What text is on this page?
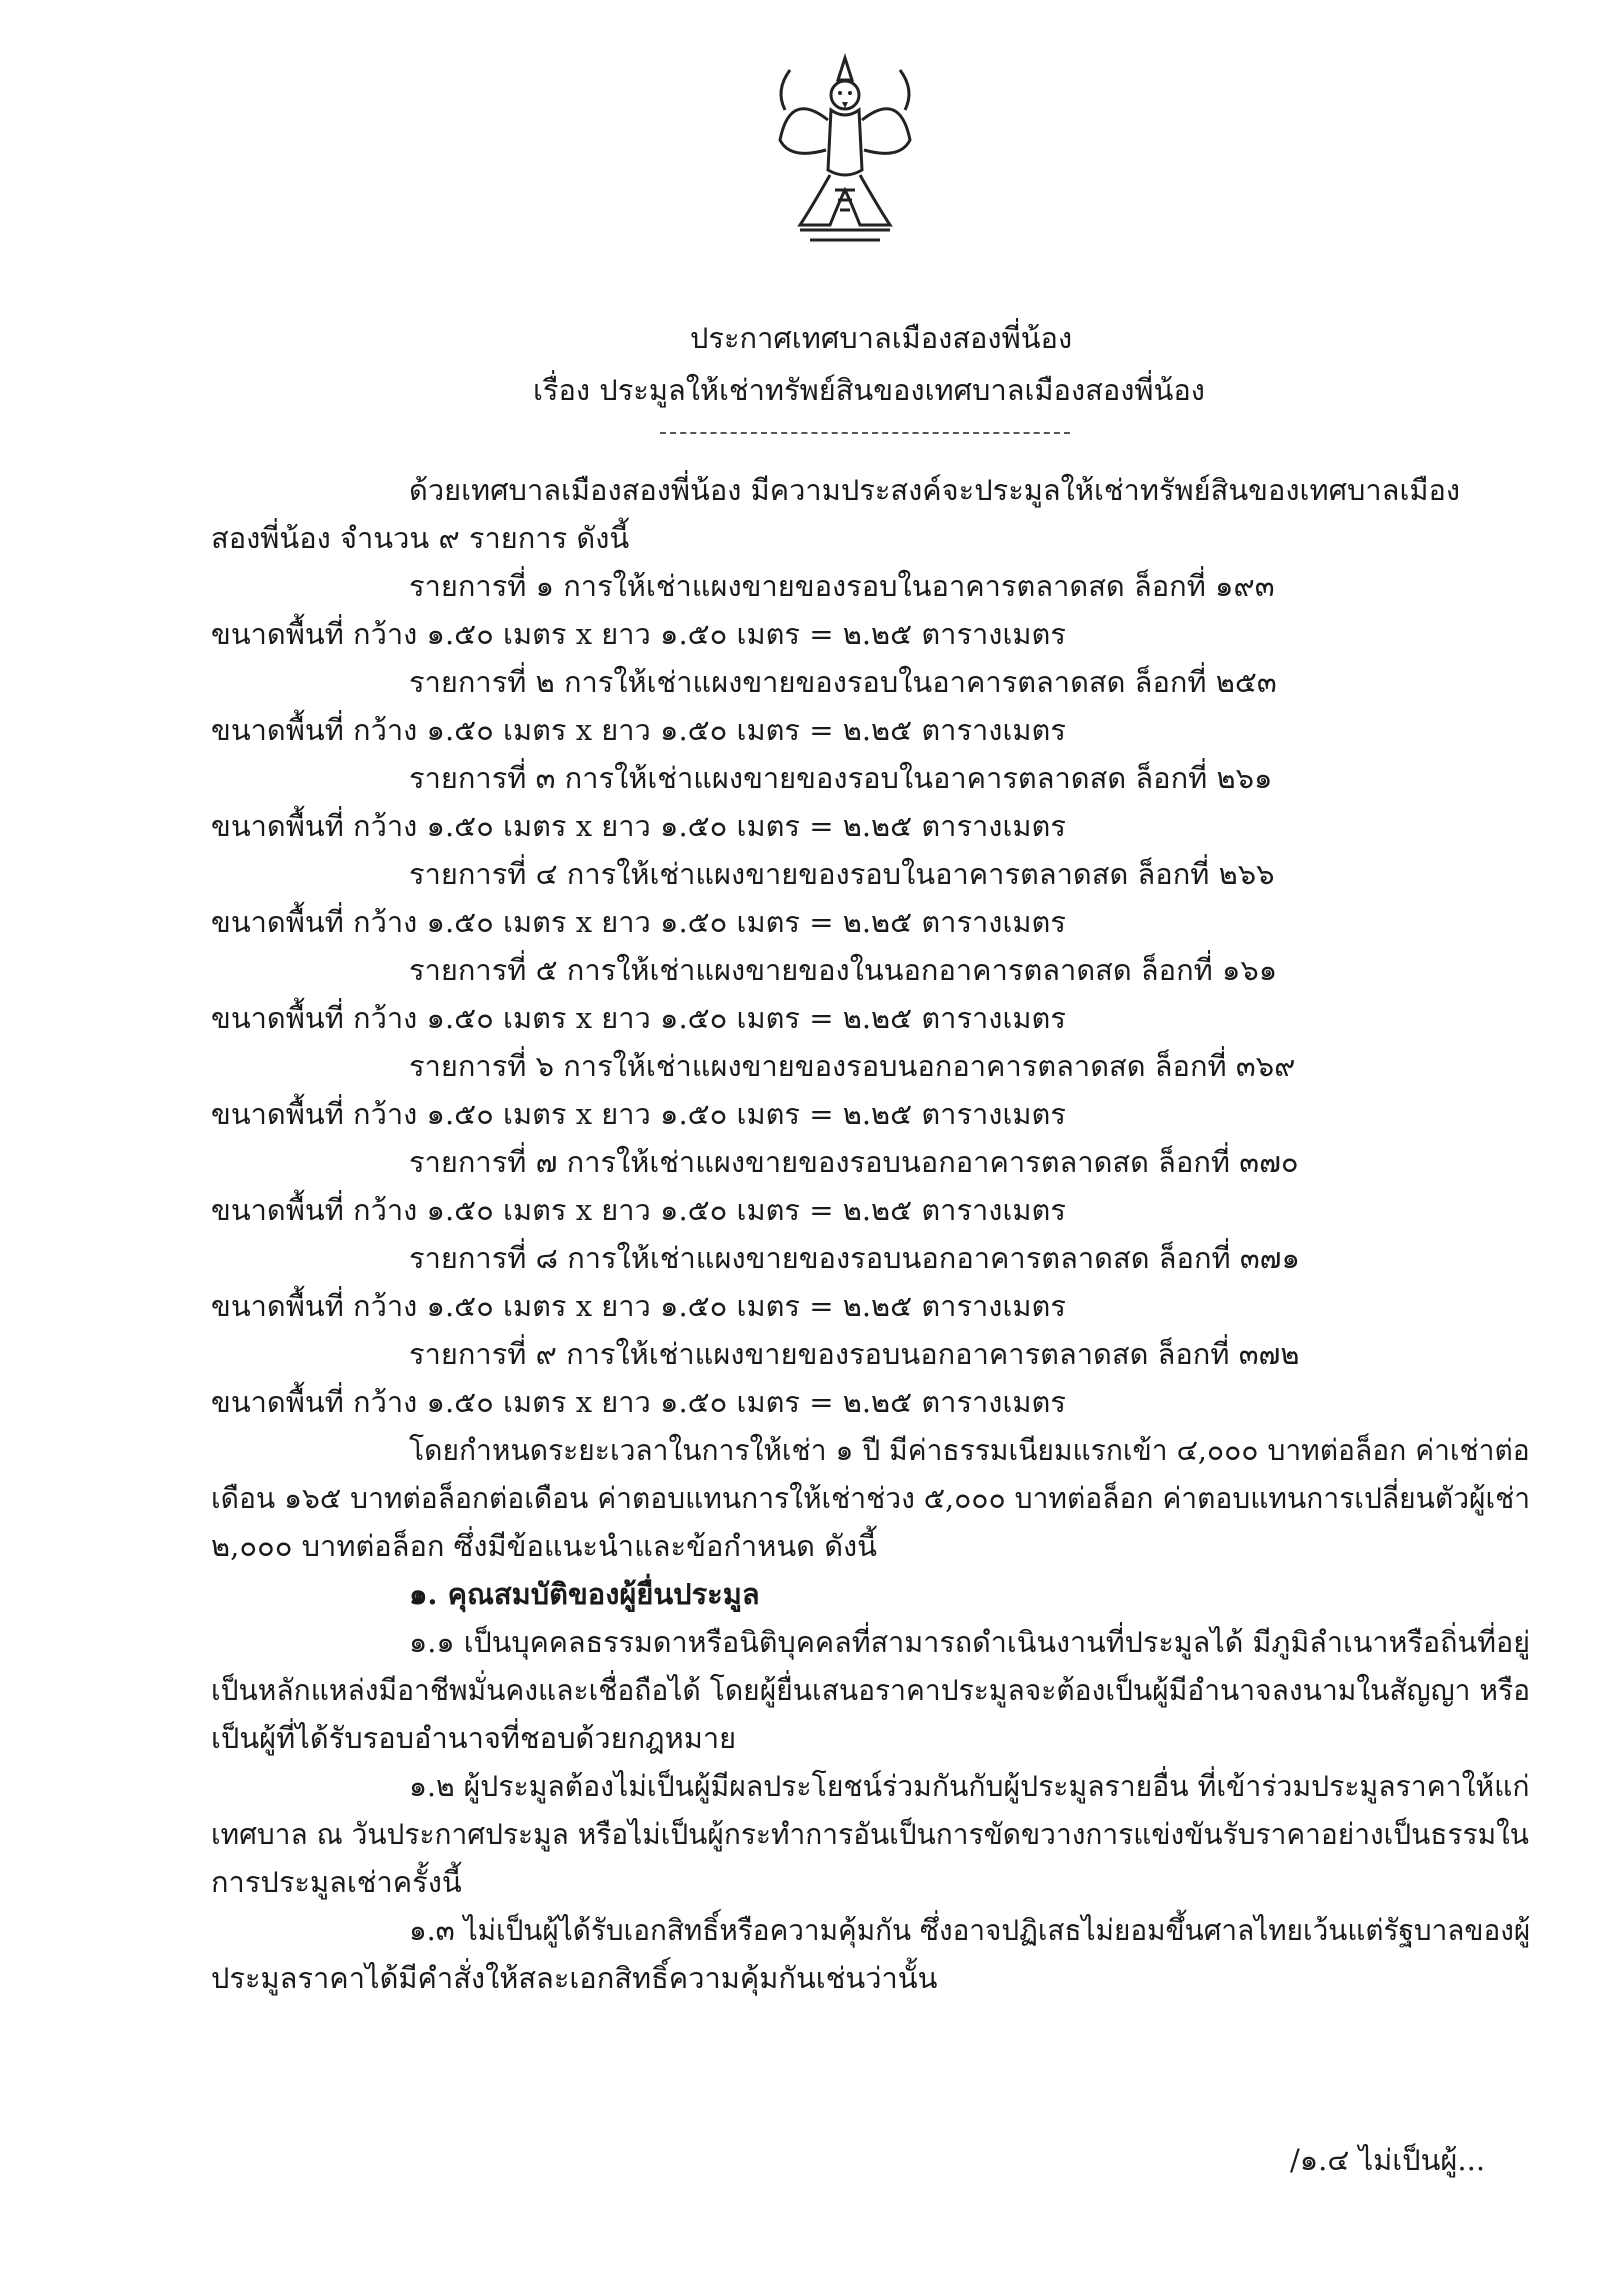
ประกาศเทศบาลเมืองสองพี่น้อง
เรื่อง ประมูลให้เช่าทรัพย์สินของเทศบาลเมืองสองพี่น้อง
ด้วยเทศบาลเมืองสองพี่น้อง มีความประสงค์จะประมูลให้เช่าทรัพย์สินของเทศบาลเมือง
สองพี่น้อง จำนวน ๙ รายการ ดังนี้
รายการที่ ๑ การให้เช่าแผงขายของรอบในอาคารตลาดสด ล็อกที่ ๑๙๓
ขนาดพื้นที่ กว้าง ๑.๕๐ เมตร x ยาว ๑.๕๐ เมตร = ๒.๒๕ ตารางเมตร
รายการที่ ๒ การให้เช่าแผงขายของรอบในอาคารตลาดสด ล็อกที่ ๒๕๓
ขนาดพื้นที่ กว้าง ๑.๕๐ เมตร x ยาว ๑.๕๐ เมตร = ๒.๒๕ ตารางเมตร
รายการที่ ๓ การให้เช่าแผงขายของรอบในอาคารตลาดสด ล็อกที่ ๒๖๑
ขนาดพื้นที่ กว้าง ๑.๕๐ เมตร x ยาว ๑.๕๐ เมตร = ๒.๒๕ ตารางเมตร
รายการที่ ๔ การให้เช่าแผงขายของรอบในอาคารตลาดสด ล็อกที่ ๒๖๖
ขนาดพื้นที่ กว้าง ๑.๕๐ เมตร x ยาว ๑.๕๐ เมตร = ๒.๒๕ ตารางเมตร
รายการที่ ๕ การให้เช่าแผงขายของในนอกอาคารตลาดสด ล็อกที่ ๑๖๑
ขนาดพื้นที่ กว้าง ๑.๕๐ เมตร x ยาว ๑.๕๐ เมตร = ๒.๒๕ ตารางเมตร
รายการที่ ๖ การให้เช่าแผงขายของรอบนอกอาคารตลาดสด ล็อกที่ ๓๖๙
ขนาดพื้นที่ กว้าง ๑.๕๐ เมตร x ยาว ๑.๕๐ เมตร = ๒.๒๕ ตารางเมตร
รายการที่ ๗ การให้เช่าแผงขายของรอบนอกอาคารตลาดสด ล็อกที่ ๓๗๐
ขนาดพื้นที่ กว้าง ๑.๕๐ เมตร x ยาว ๑.๕๐ เมตร = ๒.๒๕ ตารางเมตร
รายการที่ ๘ การให้เช่าแผงขายของรอบนอกอาคารตลาดสด ล็อกที่ ๓๗๑
ขนาดพื้นที่ กว้าง ๑.๕๐ เมตร x ยาว ๑.๕๐ เมตร = ๒.๒๕ ตารางเมตร
รายการที่ ๙ การให้เช่าแผงขายของรอบนอกอาคารตลาดสด ล็อกที่ ๓๗๒
ขนาดพื้นที่ กว้าง ๑.๕๐ เมตร x ยาว ๑.๕๐ เมตร = ๒.๒๕ ตารางเมตร
โดยกำหนดระยะเวลาในการให้เช่า ๑ ปี มีค่าธรรมเนียมแรกเข้า ๔,๐๐๐ บาทต่อล็อก ค่าเช่าต่อ
เดือน ๑๖๕ บาทต่อล็อกต่อเดือน ค่าตอบแทนการให้เช่าช่วง ๕,๐๐๐ บาทต่อล็อก ค่าตอบแทนการเปลี่ยนตัวผู้เช่า
๒,๐๐๐ บาทต่อล็อก ซึ่งมีข้อแนะนำและข้อกำหนด ดังนี้
๑. คุณสมบัติของผู้ยื่นประมูล
๑.๑ เป็นบุคคลธรรมดาหรือนิติบุคคลที่สามารถดำเนินงานที่ประมูลได้ มีภูมิลำเนาหรือถิ่นที่อยู่
เป็นหลักแหล่งมีอาชีพมั่นคงและเชื่อถือได้ โดยผู้ยื่นเสนอราคาประมูลจะต้องเป็นผู้มีอำนาจลงนามในสัญญา หรือ
เป็นผู้ที่ได้รับรอบอำนาจที่ชอบด้วยกฎหมาย
๑.๒ ผู้ประมูลต้องไม่เป็นผู้มีผลประโยชน์ร่วมกันกับผู้ประมูลรายอื่น ที่เข้าร่วมประมูลราคาให้แก่
เทศบาล ณ วันประกาศประมูล หรือไม่เป็นผู้กระทำการอันเป็นการขัดขวางการแข่งขันรับราคาอย่างเป็นธรรมใน
การประมูลเช่าครั้งนี้
๑.๓ ไม่เป็นผู้ได้รับเอกสิทธิ์หรือความคุ้มกัน ซึ่งอาจปฏิเสธไม่ยอมขึ้นศาลไทยเว้นแต่รัฐบาลของผู้
ประมูลราคาได้มีคำสั่งให้สละเอกสิทธิ์ความคุ้มกันเช่นว่านั้น
/๑.๔ ไม่เป็นผู้...
